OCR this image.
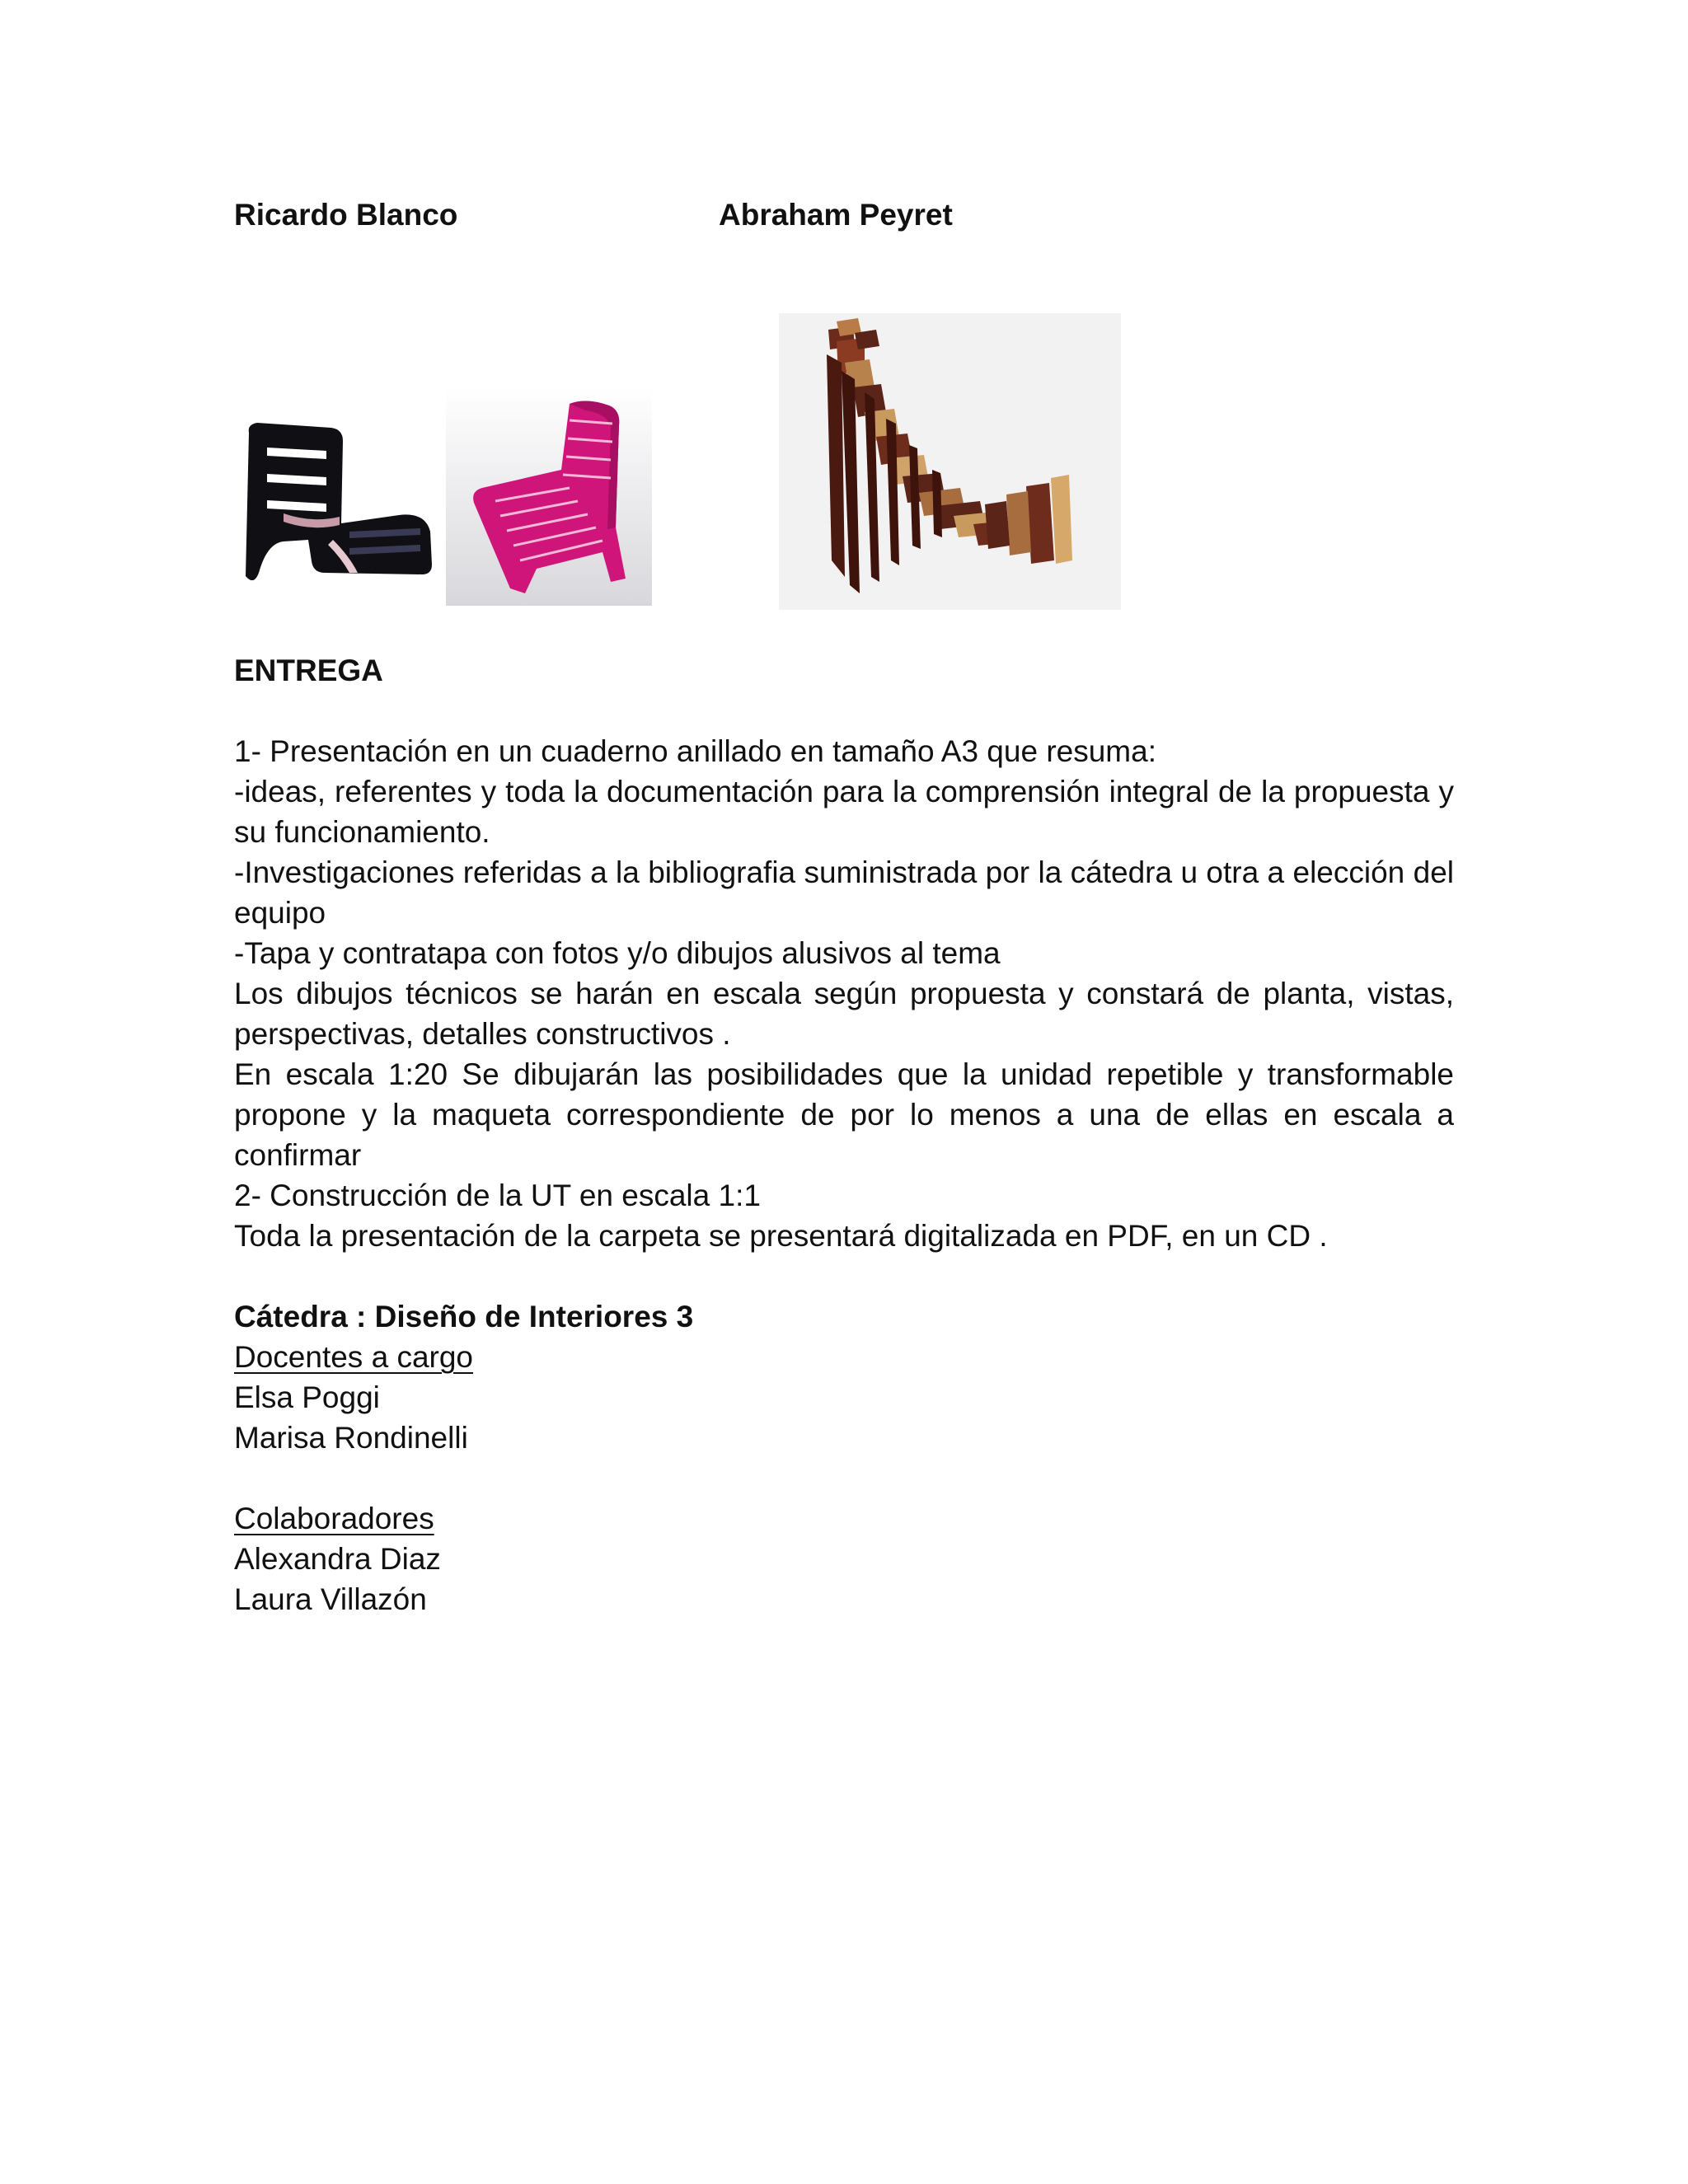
Ricardo Blanco	Abraham Peyret
ENTREGA

1- Presentación en un cuaderno anillado en tamaño A3 que resuma:

-ideas, referentes y toda la documentación para la comprensión integral de la propuesta y su funcionamiento.

-Investigaciones referidas a la bibliografia suministrada por la cátedra u otra a elección del equipo

-Tapa y contratapa con fotos y/o dibujos alusivos al tema

Los dibujos técnicos se harán en escala según propuesta y constará de planta, vistas, perspectivas, detalles constructivos .

En escala 1:20 Se dibujarán las posibilidades que la unidad repetible y transformable propone y la maqueta correspondiente de por lo menos a una de ellas en escala a confirmar

2- Construcción de la UT en escala 1:1

Toda la presentación de la carpeta se presentará digitalizada en PDF, en un CD .

Cátedra : Diseño de Interiores 3
Docentes a cargo
Elsa Poggi
Marisa Rondinelli
Colaboradores
Alexandra Diaz
Laura Villazón
